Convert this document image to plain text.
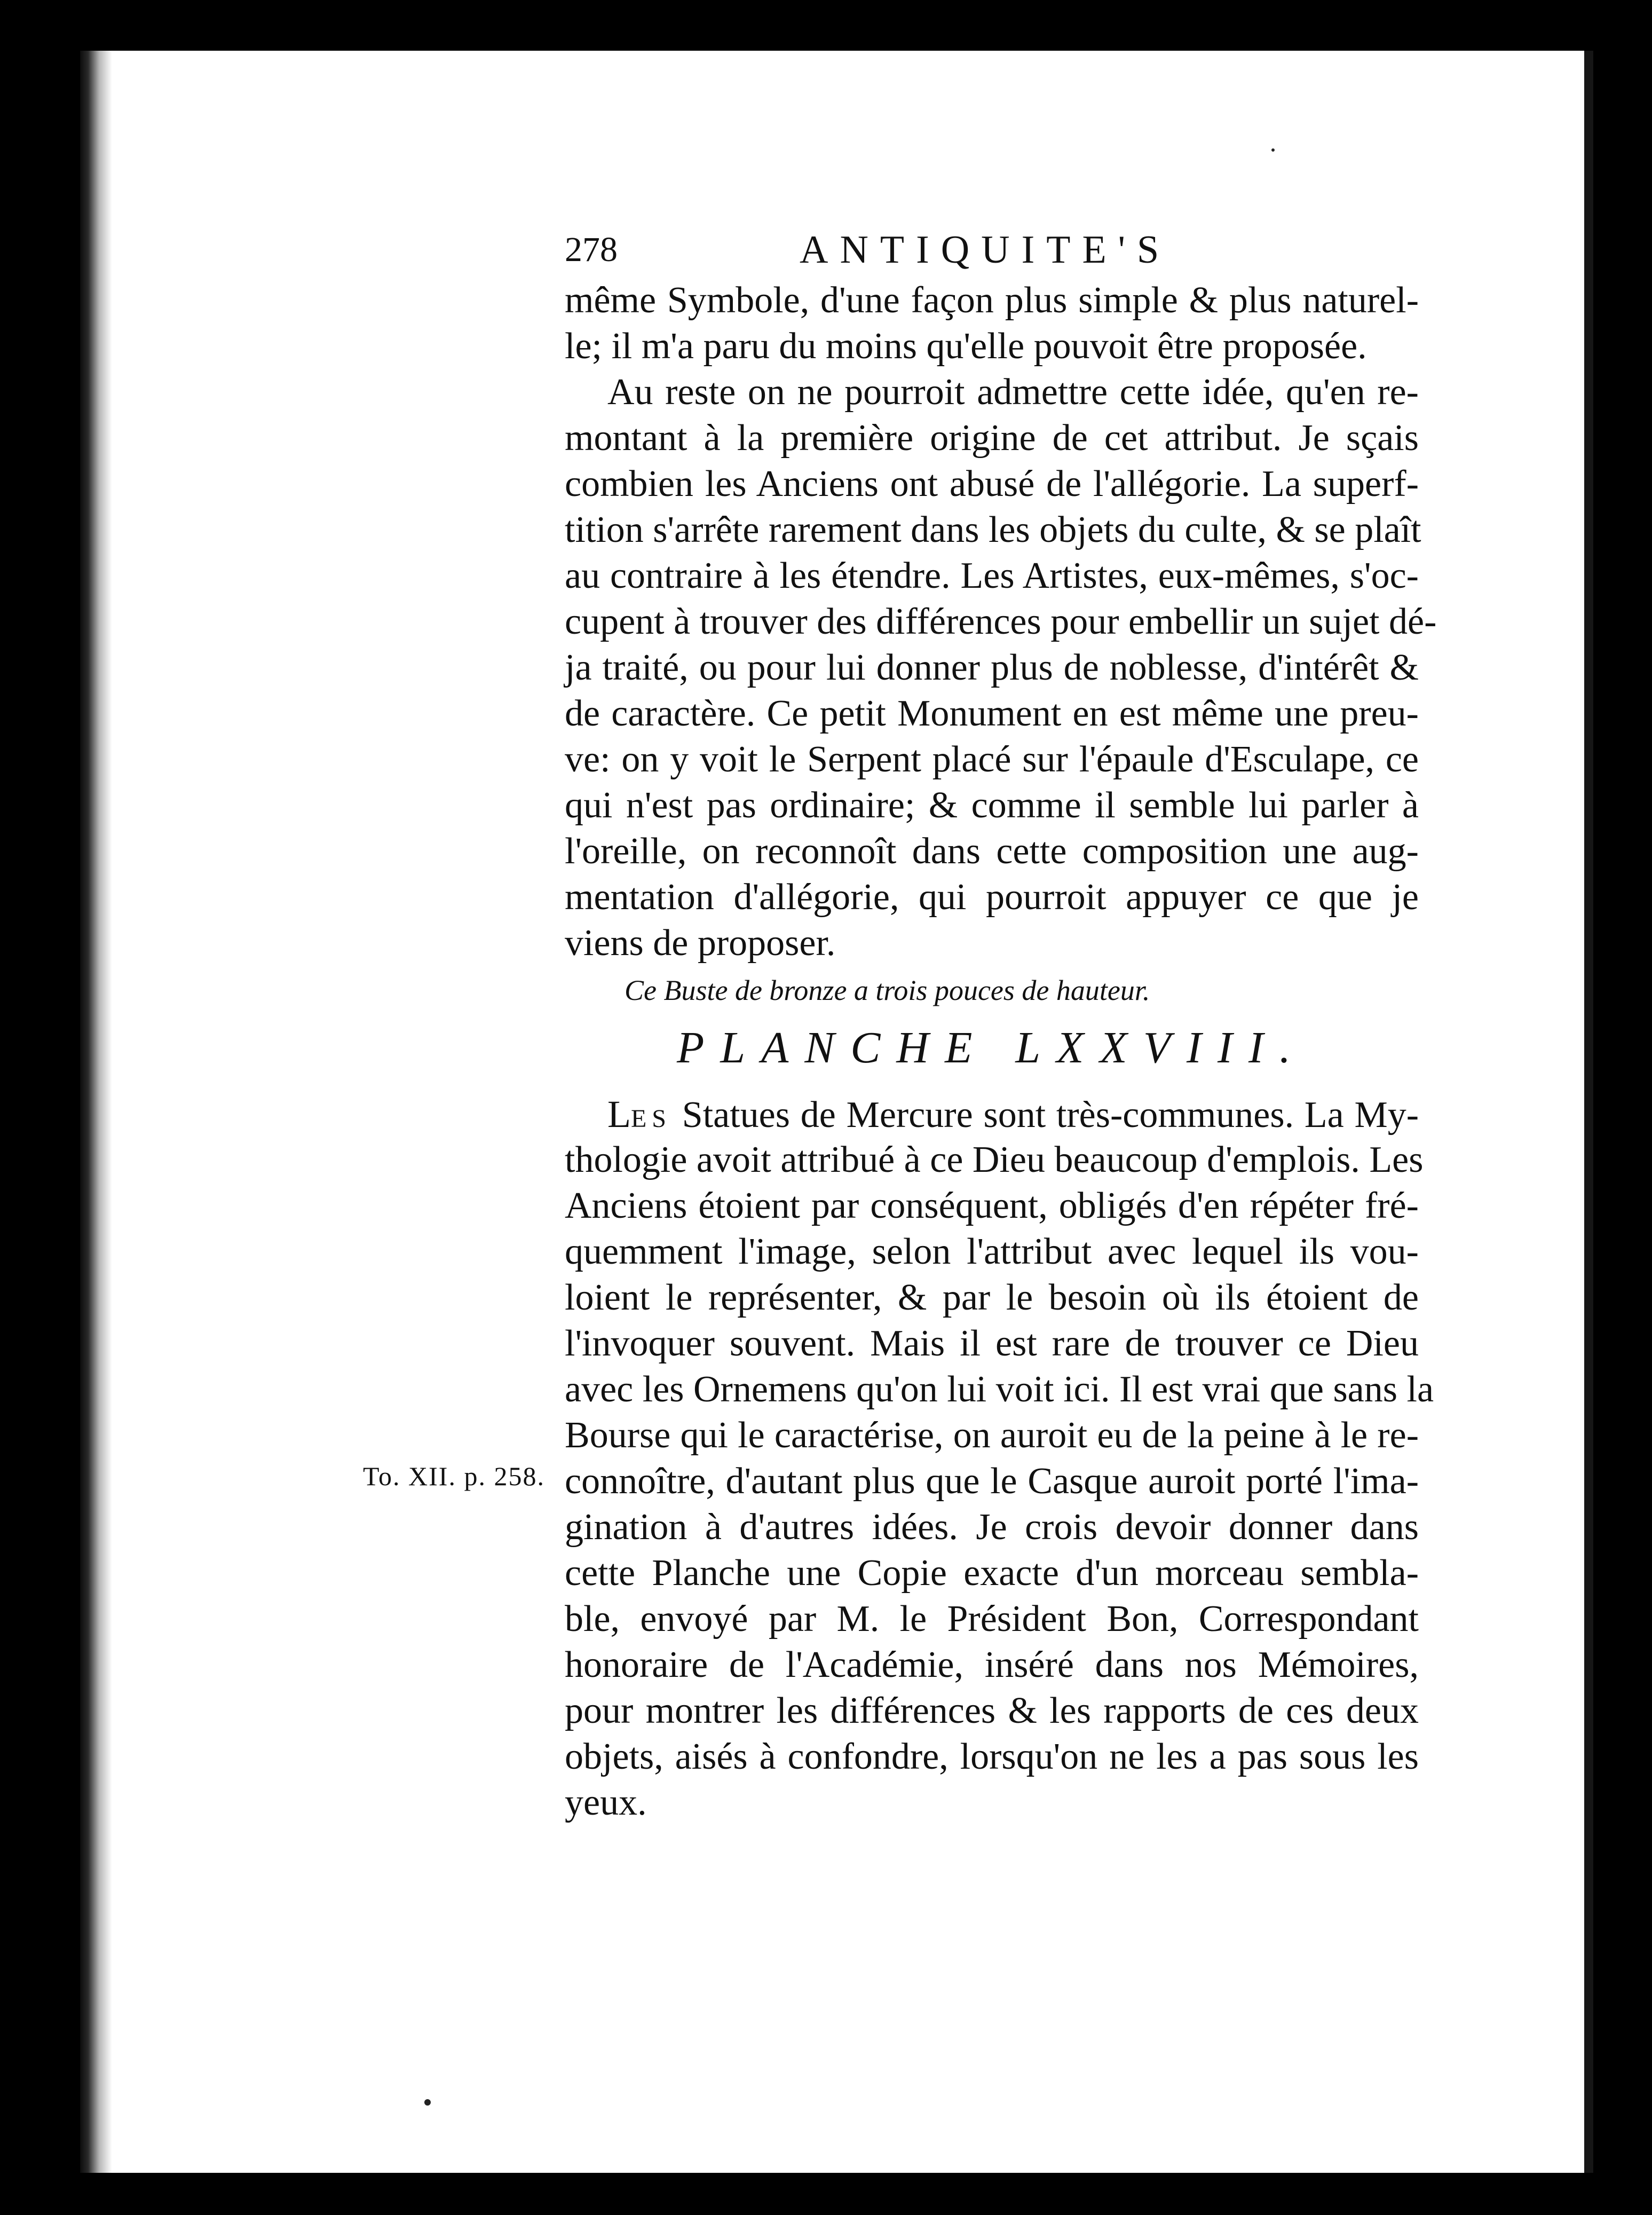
278	ANTIQUITE'S
même Symbole, d'une façon plus simple & plus naturel-
le; il m'a paru du moins qu'elle pouvoit être proposée.
Au reste on ne pourroit admettre cette idée, qu'en re-
montant à la première origine de cet attribut. Je sçais
combien les Anciens ont abusé de l'allégorie. La superf-
tition s'arrête rarement dans les objets du culte, & se plaît
au contraire à les étendre. Les Artistes, eux-mêmes, s'oc-
cupent à trouver des différences pour embellir un sujet dé-
ja traité, ou pour lui donner plus de noblesse, d'intérêt &
de caractère. Ce petit Monument en est même une preu-
ve: on y voit le Serpent placé sur l'épaule d'Esculape, ce
qui n'est pas ordinaire; & comme il semble lui parler à
l'oreille, on reconnoît dans cette composition une aug-
mentation d'allégorie, qui pourroit appuyer ce que je
viens de proposer.
Ce Buste de bronze a trois pouces de hauteur.
PLANCHE LXXVIII.
LES Statues de Mercure sont très-communes. La My-
thologie avoit attribué à ce Dieu beaucoup d'emplois. Les
Anciens étoient par conséquent, obligés d'en répéter fré-
quemment l'image, selon l'attribut avec lequel ils vou-
loient le représenter, & par le besoin où ils étoient de
l'invoquer souvent. Mais il est rare de trouver ce Dieu
avec les Ornemens qu'on lui voit ici. Il est vrai que sans la
Bourse qui le caractérise, on auroit eu de la peine à le re-
connoître, d'autant plus que le Casque auroit porté l'ima-
gination à d'autres idées. Je crois devoir donner dans
cette Planche une Copie exacte d'un morceau sembla-
ble, envoyé par M. le Président Bon, Correspondant
honoraire de l'Académie, inséré dans nos Mémoires,
pour montrer les différences & les rapports de ces deux
objets, aisés à confondre, lorsqu'on ne les a pas sous les
yeux.
To. XII. p. 258.
